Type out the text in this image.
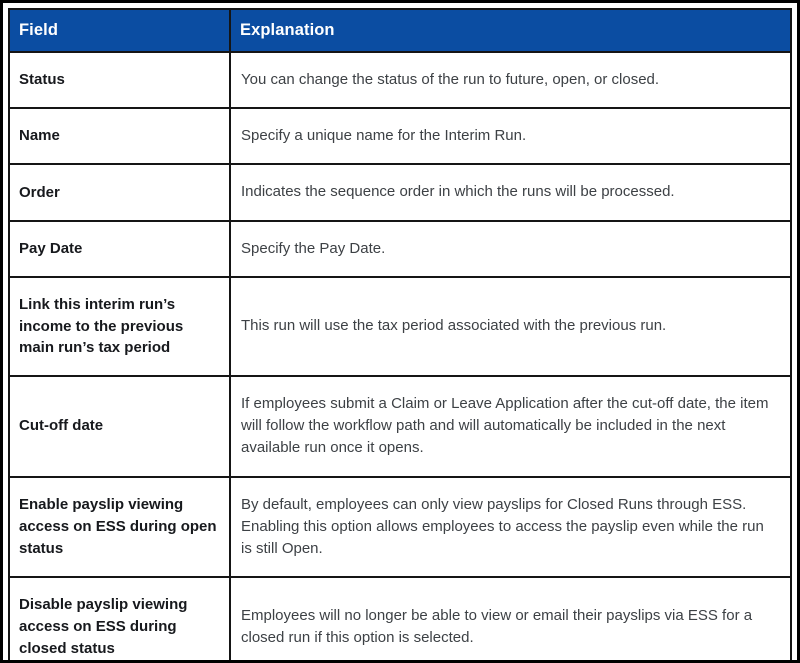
Field	Explanation
Status	You can change the status of the run to future, open, or closed.
Name	Specify a unique name for the Interim Run.
Order	Indicates the sequence order in which the runs will be processed.
Pay Date	Specify the Pay Date.
Link this interim run’s income to the previous main run’s tax period	This run will use the tax period associated with the previous run.
Cut-off date	If employees submit a Claim or Leave Application after the cut-off date, the item will follow the workflow path and will automatically be included in the next available run once it opens.
Enable payslip viewing access on ESS during open status	By default, employees can only view payslips for Closed Runs through ESS. Enabling this option allows employees to access the payslip even while the run is still Open.
Disable payslip viewing access on ESS during closed status	Employees will no longer be able to view or email their payslips via ESS for a closed run if this option is selected.
